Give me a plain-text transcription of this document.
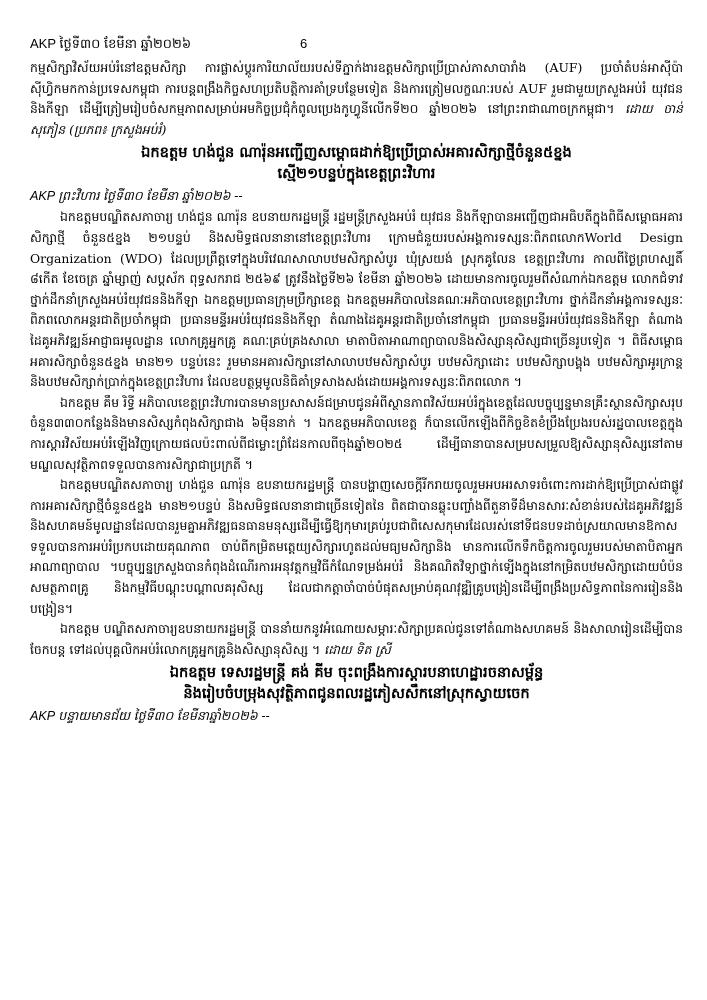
AKP ថ្ងៃទី៣០ ខែមីនា ឆ្នាំ២០២៦	6

កម្មសិក្សាវិស័យអប់រំនៅឧត្តមសិក្សា ការផ្លាស់ប្តូរការិយាល័យរបស់ទីភ្នាក់ងារឧត្តមសិក្សាប្រើប្រាស់ភាសាបារាំង (AUF) ប្រចាំតំបន់អាស៊ីប៉ាស៊ីហ្វិកមកកាន់ប្រទេសកម្ពុជា ការបន្តពង្រឹងកិច្ចសហប្រតិបត្តិការគាំទ្របន្ថែមទៀត និងការត្រៀមលក្ខណៈរបស់ AUF រួមជាមួយក្រសួងអប់រំ យុវជន និងកីឡា ដើម្បីត្រៀមរៀបចំសកម្មភាពសម្រាប់អមកិច្ចប្រជុំកំពូលប្រេងកូហ្វូនីលើកទី២០ ឆ្នាំ២០២៦ នៅព្រះរាជាណាចក្រកម្ពុជា។ ដោយ ចាន់ សុភៀន (ប្រភព៖ ក្រសួងអប់រំ)

ឯកឧត្តម ហង់ជួន ណារ៉ុនអញ្ជើញសម្ពោធដាក់ឱ្យប្រើប្រាស់អគារសិក្សាថ្មីចំនួន៥ខ្នង
ស្មើ២១បន្ទប់ក្នុងខេត្តព្រះវិហារ
AKP ព្រះវិហារ ថ្ងៃទី៣០ ខែមីនា ឆ្នាំ២០២៦ --

ឯកឧត្តមបណ្ឌិតសភាចារ្យ ហង់ជួន ណារ៉ុន ឧបនាយករដ្ឋមន្ត្រី រដ្ឋមន្ត្រីក្រសួងអប់រំ យុវជន និងកីឡាបានអញ្ជើញជាអធិបតីក្នុងពិធីសម្ពោធអគារសិក្សាថ្មី ចំនួន៥ខ្នង ២១បន្ទប់ និងសមិទ្ធផលនានានៅខេត្តព្រះវិហារ ក្រោមជំនួយរបស់អង្គការទស្សនៈពិភពលោកWorld Design Organization (WDO) ដែលប្រព្រឹត្តទៅក្នុងបរិវេណសាលាបឋមសិក្សាសំបូរ ឃុំស្រយង់ ស្រុកគូលែន ខេត្តព្រះវិហារ កាលពីថ្ងៃព្រហស្បតិ៍ ៨កើត ខែចេត្រ ឆ្នាំម្សាញ់ សប្តស័ក ពុទ្ធសករាជ ២៥៦៩ ត្រូវនឹងថ្ងៃទី២៦ ខែមីនា ឆ្នាំ២០២៦ ដោយមានការចូលរួមពីសំណាក់ឯកឧត្តម លោកជំទាវថ្នាក់ដឹកនាំក្រសួងអប់រំយុវជននិងកីឡា ឯកឧត្តមប្រធានក្រុមប្រឹក្សាខេត្ត ឯកឧត្តមអភិបាលនៃគណៈអភិបាលខេត្តព្រះវិហារ ថ្នាក់ដឹកនាំអង្គការទស្សនៈពិភពលោកអន្តរជាតិប្រចាំកម្ពុជា ប្រធានមន្ទីរអប់រំយុវជននិងកីឡា តំណាងដៃគូអន្តរជាតិប្រចាំនៅកម្ពុជា ប្រធានមន្ទីរអប់រំយុវជននិងកីឡា តំណាងដៃគូអភិវឌ្ឍន៍អាជ្ញាធរមូលដ្ឋាន លោកគ្រូអ្នកគ្រូ គណៈគ្រប់គ្រងសាលា មាតាបិតាអាណាព្យាបាលនិងសិស្សានុសិស្សជាច្រើនរូបទៀត ។ ពិធីសម្ពោធអគារសិក្សាចំនួន៥ខ្នង មាន២១ បន្ទប់នេះ រួមមានអគារសិក្សានៅសាលាបឋមសិក្សាសំបូរ បឋមសិក្សាដោះ បឋមសិក្សាបង្គុង បឋមសិក្សាអូរក្រាន្ត និងបឋមសិក្សាក់ប្រាក់ក្នុងខេត្តព្រះវិហារ ដែលឧបត្ថម្ភមូលនិធិគាំទ្រសាងសង់ដោយអង្គការទស្សនៈពិភពលោក ។

ឯកឧត្តម គឹម រិទ្ធី អភិបាលខេត្តព្រះវិហារបានមានប្រសាសន៍ជម្រាបជូនអំពីស្ថានភាពវិស័យអប់រំក្នុងខេត្តដែលបច្ចុប្បន្នមានគ្រឹះស្ថានសិក្សាសរុបចំនួន៣៣០កន្លែងនិងមានសិស្សកំពុងសិក្សាជាង ៦ម៉ឺននាក់ ។ ឯកឧត្តមអភិបាលខេត្ត ក៏បានលើកឡើងពីកិច្ចខិតខំប្រឹងប្រែងរបស់រដ្ឋបាលខេត្តក្នុងការស្តារវិស័យអប់រំឡើងវិញក្រោយផលប៉ះពាល់ពីជម្លោះព្រំដែនកាលពីចុងឆ្នាំ២០២៥ ដើម្បីធានាបានសម្របសម្រួលឱ្យសិស្សានុសិស្សនៅតាមមណ្ឌលសុវត្ថិភាពទទួលបានការសិក្សាជាប្រក្រតី ។

ឯកឧត្តមបណ្ឌិតសភាចារ្យ ហង់ជួន ណារ៉ុន ឧបនាយករដ្ឋមន្ត្រី បានបង្ហាញសេចក្តីរីករាយចូលរួមអបអរសាទរចំពោះការដាក់ឱ្យប្រើប្រាស់ជាផ្លូវការអគារសិក្សាថ្មីចំនួន៥ខ្នង មាន២១បន្ទប់ និងសមិទ្ធផលនានាជាច្រើនទៀតនៃ ពិតជាបានឆ្លុះបញ្ចាំងពីតួនាទីដ៏មានសារៈសំខាន់របស់ដៃគូអភិវឌ្ឍន៍ និងសហគមន៍មូលដ្ឋានដែលបានរួមគ្នាអភិវឌ្ឍធនធានមនុស្សដើម្បីធ្វើឱ្យកុមារគ្រប់រូបជាពិសេសកុមារដែលរស់នៅទីជនបទដាច់ស្រយាលមានឱកាសទទួលបានការអប់រំប្រកបដោយគុណភាព ចាប់ពីកម្រិតមត្តេយ្យសិក្សារហូតដល់មធ្យមសិក្សានិង មានការលើកទឹកចិត្តការចូលរួមរបស់មាតាបិតាអ្នកអាណាព្យាបាល ។បច្ចុប្បន្នក្រសួងបានកំពុងដំណើរការអនុវត្តកម្មវិធីកំណែទម្រង់អប់រំ និងគណិតវិទ្យាថ្នាក់ទ្បើងក្នុងនៅកម្រិតបឋមសិក្សាដោយបំប៉នសមត្ថភាពគ្រូ និងកម្មវិធីបណ្តុះបណ្តាលគរុសិស្ស ដែលជាកត្តាចាំបាច់បំផុតសម្រាប់គុណវុឌ្ឍិគ្រូបង្រៀនដើម្បីពង្រឹងប្រសិទ្ធភាពនៃការរៀននិងបង្រៀន។

ឯកឧត្តម បណ្ឌិតសភាចារ្យឧបនាយករដ្ឋមន្ត្រី បាននាំយកនូវអំណោយសម្ភារៈសិក្សាប្រគល់ជូនទៅតំណាងសហគមន៍ និងសាលារៀនដើម្បីបានចែកបន្ត ទៅដល់បុគ្គលិកអប់រំលោកគ្រូអ្នកគ្រូនិងសិស្សានុសិស្ស ។ ដោយ ទិត ស្រី

ឯកឧត្តម ទេសរដ្ឋមន្ត្រី គង់ គីម ចុះពង្រឹងការស្តារបនាហេដ្ឋារចនាសម្ព័ន្ធ
និងរៀបចំបម្រុងសុវត្ថិភាពជូនពលរដ្ឋភៀសសឹកនៅស្រុកស្វាយចេក
AKP បន្ទាយមានជ័យ ថ្ងៃទី៣០ ខែមីនាឆ្នាំ២០២៦ --
